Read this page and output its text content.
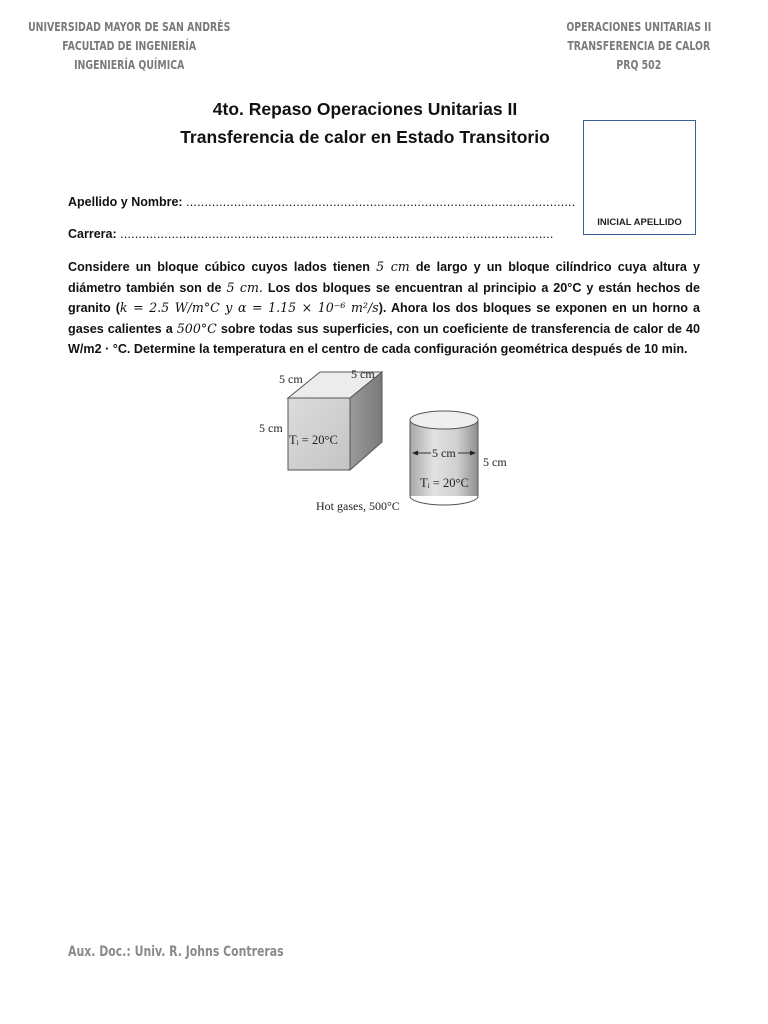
UNIVERSIDAD MAYOR DE SAN ANDRÉS
FACULTAD DE INGENIERÍA
INGENIERÍA QUÍMICA
OPERACIONES UNITARIAS II
TRANSFERENCIA DE CALOR
PRQ 502
4to. Repaso Operaciones Unitarias II
Transferencia de calor en Estado Transitorio
INICIAL APELLIDO
Apellido y Nombre: ..........................................................................................................
Carrera: ......................................................................................................................
Considere un bloque cúbico cuyos lados tienen 5 cm de largo y un bloque cilíndrico cuya altura y diámetro también son de 5 cm. Los dos bloques se encuentran al principio a 20°C y están hechos de granito (k = 2.5 W/m°C y α = 1.15 × 10⁻⁶ m²/s). Ahora los dos bloques se exponen en un horno a gases calientes a 500°C sobre todas sus superficies, con un coeficiente de transferencia de calor de 40 W/m2 · °C. Determine la temperatura en el centro de cada configuración geométrica después de 10 min.
5 cm	5 cm
5 cm
Tᵢ = 20°C
5 cm
5 cm
Tᵢ = 20°C
Hot gases, 500°C
Aux. Doc.: Univ. R. Johns Contreras
